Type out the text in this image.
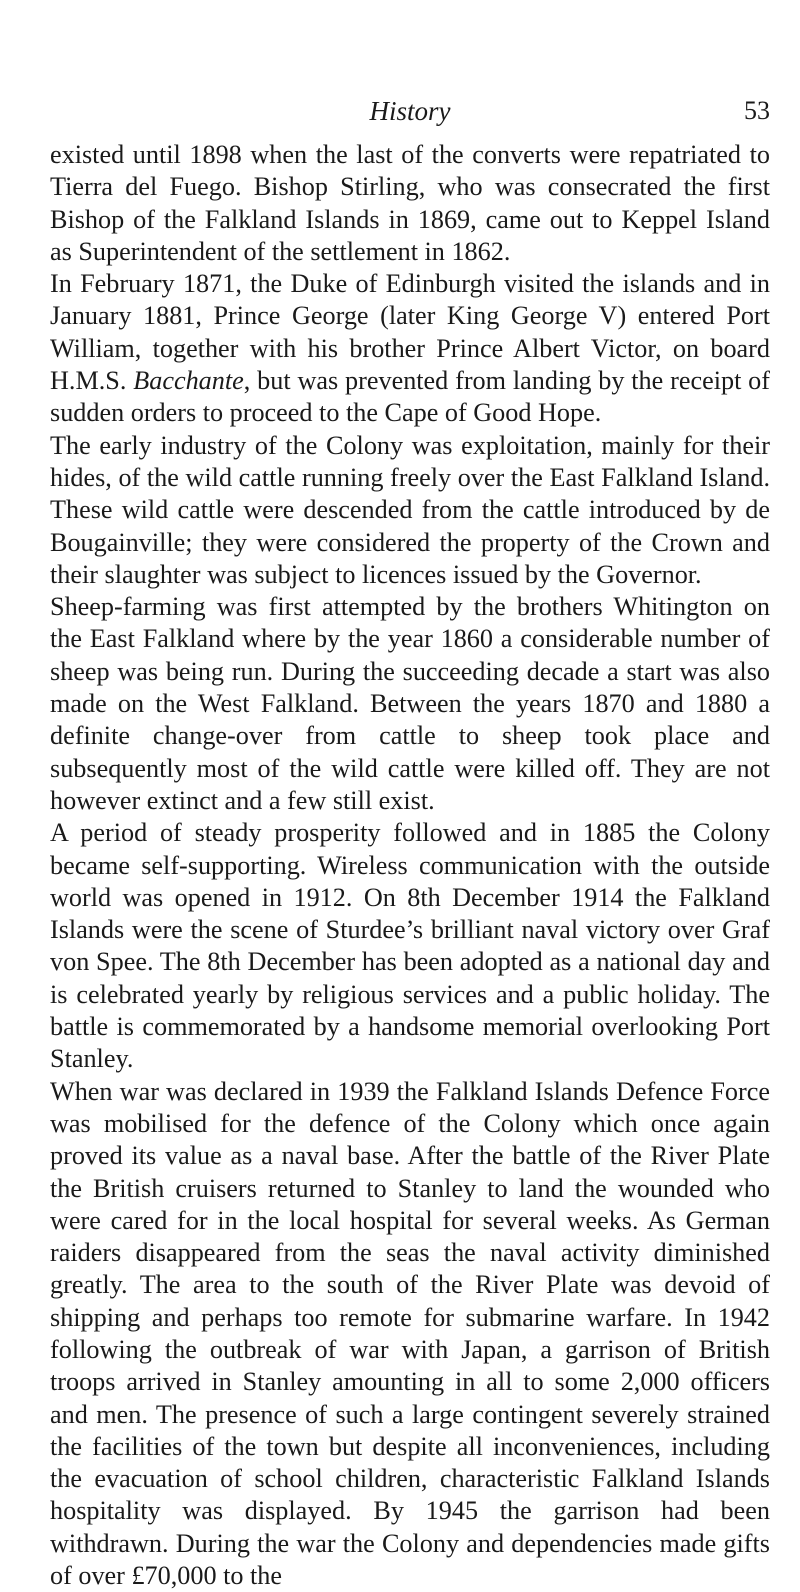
History	53

existed until 1898 when the last of the converts were repatriated to Tierra del Fuego. Bishop Stirling, who was consecrated the first Bishop of the Falkland Islands in 1869, came out to Keppel Island as Superintendent of the settlement in 1862.

In February 1871, the Duke of Edinburgh visited the islands and in January 1881, Prince George (later King George V) entered Port William, together with his brother Prince Albert Victor, on board H.M.S. Bacchante, but was prevented from landing by the receipt of sudden orders to proceed to the Cape of Good Hope.

The early industry of the Colony was exploitation, mainly for their hides, of the wild cattle running freely over the East Falkland Island. These wild cattle were descended from the cattle introduced by de Bougainville; they were considered the property of the Crown and their slaughter was subject to licences issued by the Governor.

Sheep-farming was first attempted by the brothers Whitington on the East Falkland where by the year 1860 a considerable number of sheep was being run. During the succeeding decade a start was also made on the West Falkland. Between the years 1870 and 1880 a definite change-over from cattle to sheep took place and subsequently most of the wild cattle were killed off. They are not however extinct and a few still exist.

A period of steady prosperity followed and in 1885 the Colony became self-supporting. Wireless communication with the outside world was opened in 1912. On 8th December 1914 the Falkland Islands were the scene of Sturdee’s brilliant naval victory over Graf von Spee. The 8th December has been adopted as a national day and is celebrated yearly by religious services and a public holiday. The battle is commemorated by a handsome memorial overlooking Port Stanley.

When war was declared in 1939 the Falkland Islands Defence Force was mobilised for the defence of the Colony which once again proved its value as a naval base. After the battle of the River Plate the British cruisers returned to Stanley to land the wounded who were cared for in the local hospital for several weeks. As German raiders disappeared from the seas the naval activity diminished greatly. The area to the south of the River Plate was devoid of shipping and perhaps too remote for submarine warfare. In 1942 following the outbreak of war with Japan, a garrison of British troops arrived in Stanley amounting in all to some 2,000 officers and men. The presence of such a large contingent severely strained the facilities of the town but despite all inconveniences, including the evacuation of school children, characteristic Falkland Islands hospitality was displayed. By 1945 the garrison had been withdrawn. During the war the Colony and dependencies made gifts of over £70,000 to the
